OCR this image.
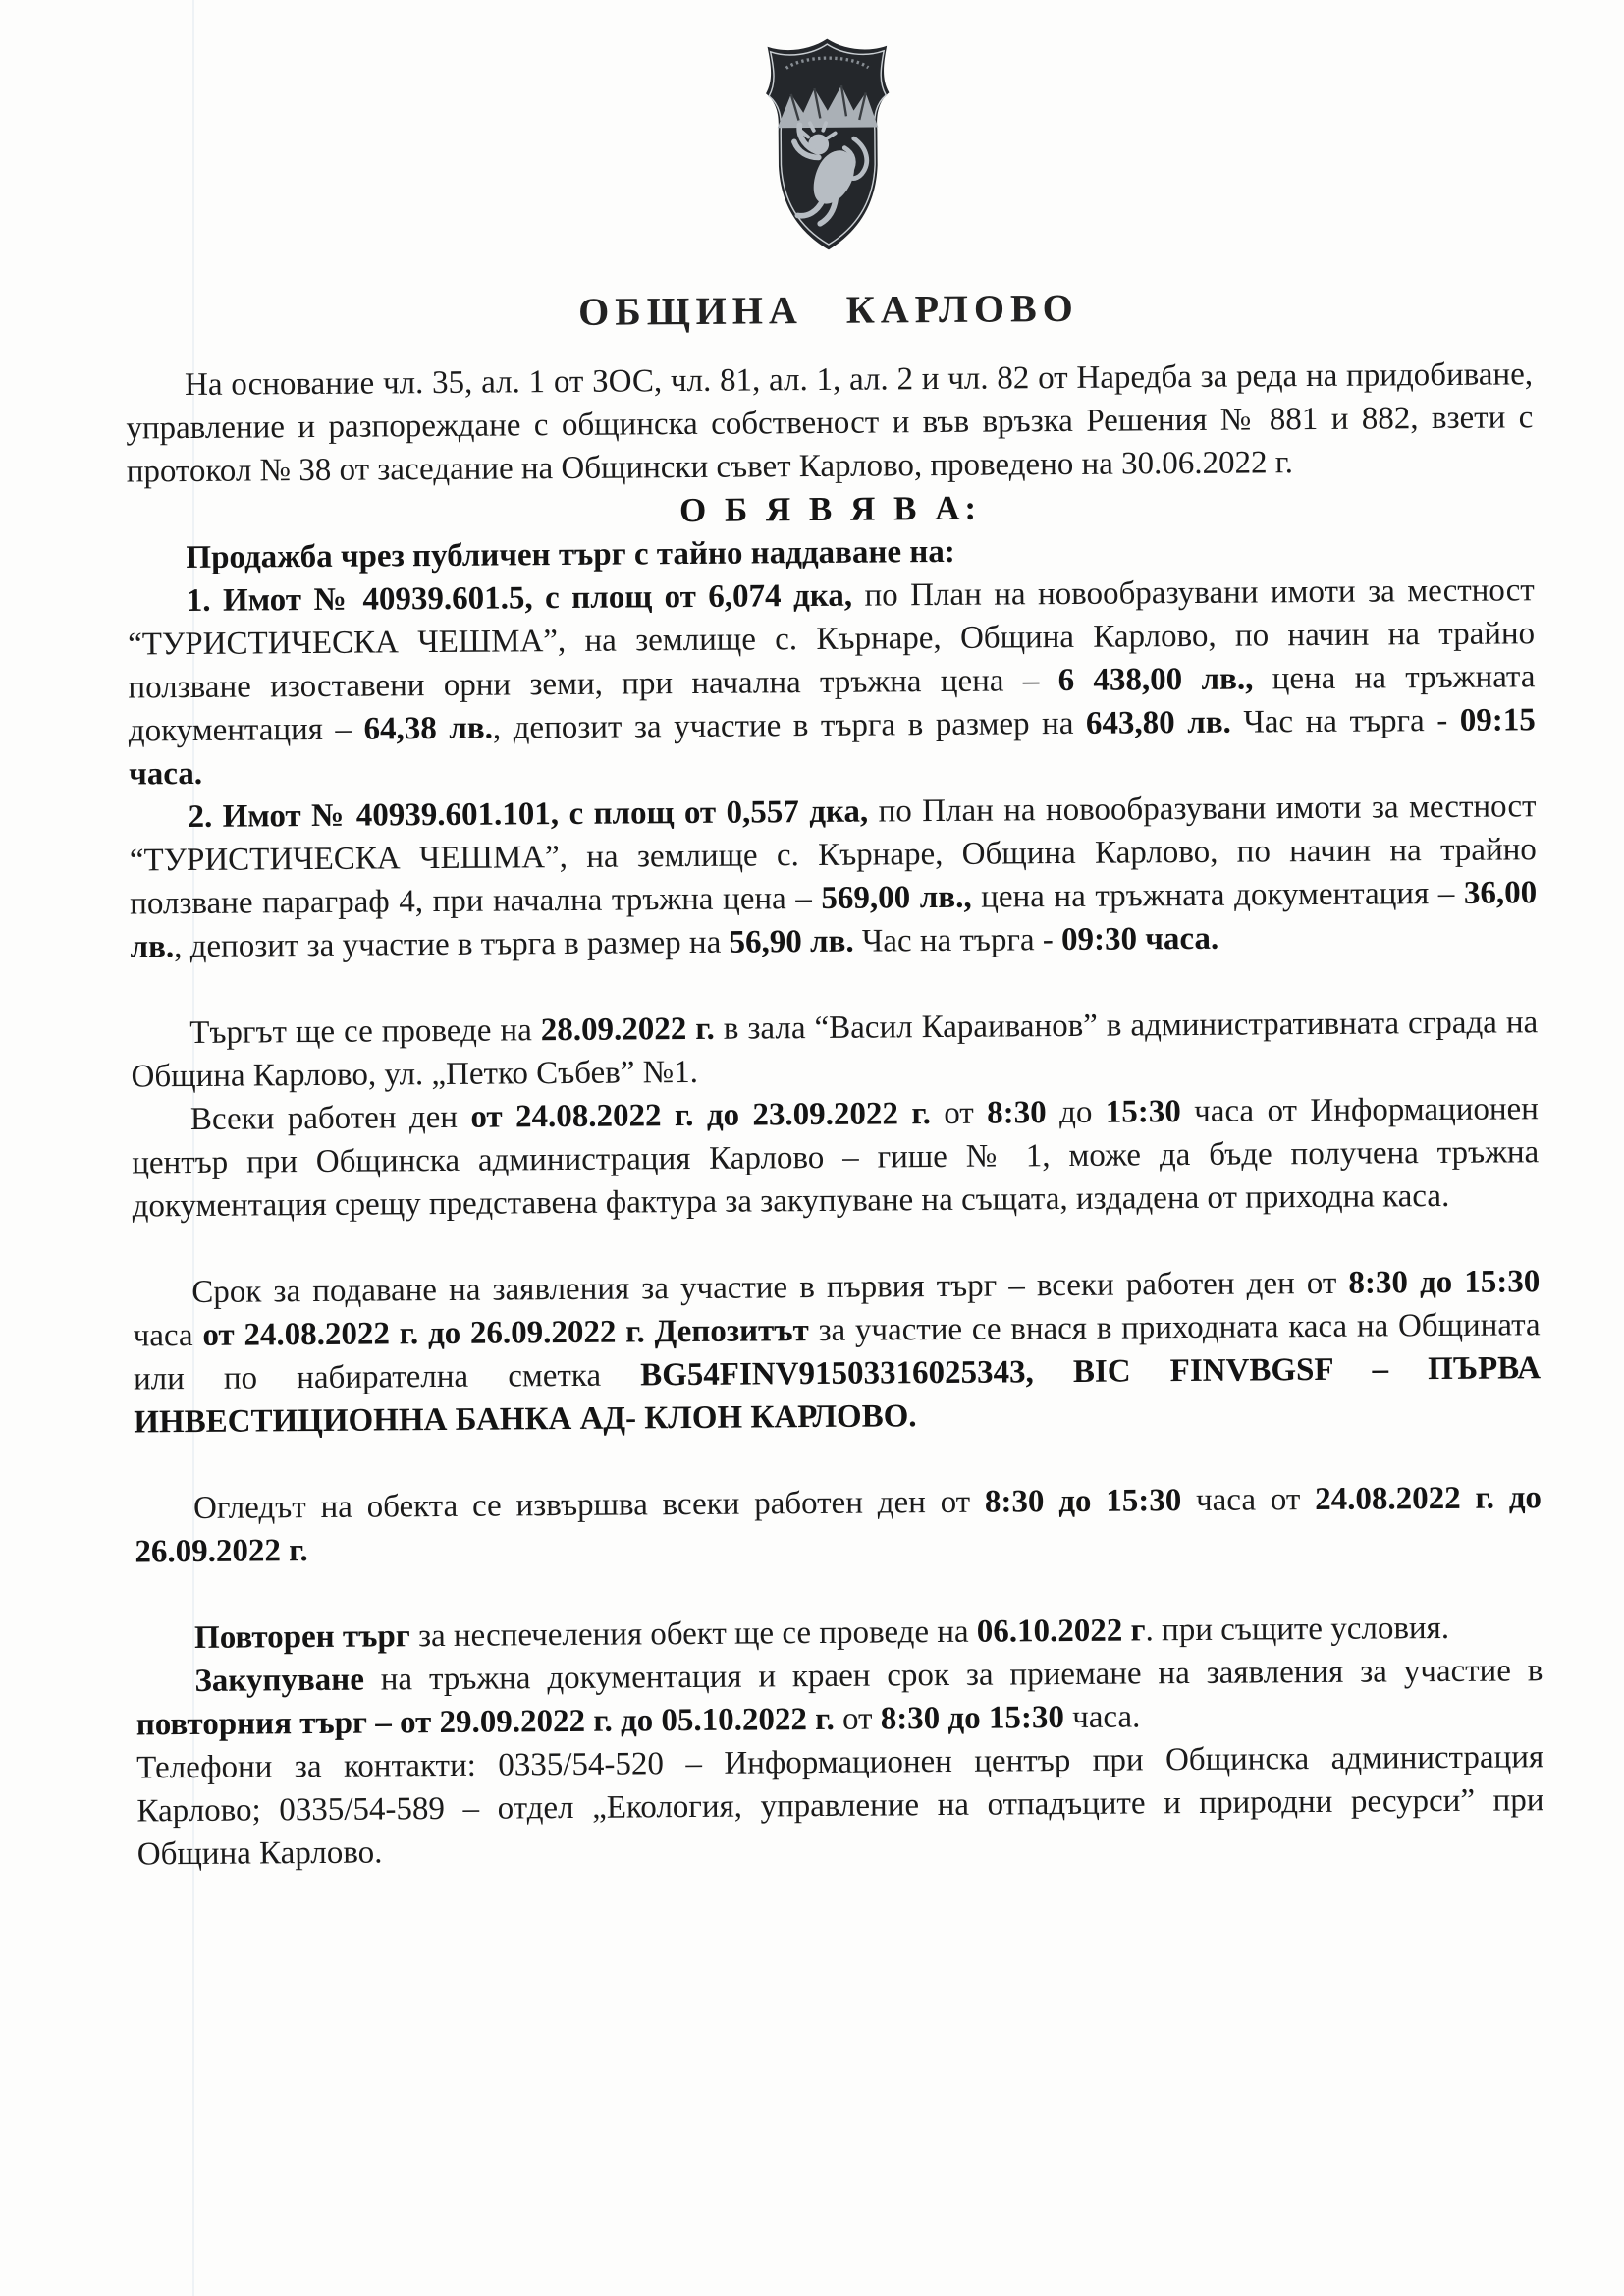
ОБЩИНА КАРЛОВО

На основание чл. 35, ал. 1 от ЗОС, чл. 81, ал. 1, ал. 2 и чл. 82 от Наредба за реда на придобиване, управление и разпореждане с общинска собственост и във връзка Решения № 881 и 882, взети с протокол № 38 от заседание на Общински съвет Карлово, проведено на 30.06.2022 г.

О Б Я В Я В А:

Продажба чрез публичен търг с тайно наддаване на:

1. Имот № 40939.601.5, с площ от 6,074 дка, по План на новообразувани имоти за местност “ТУРИСТИЧЕСКА ЧЕШМА”, на землище с. Кърнаре, Община Карлово, по начин на трайно ползване изоставени орни земи, при начална тръжна цена – 6 438,00 лв., цена на тръжната документация – 64,38 лв., депозит за участие в търга в размер на 643,80 лв. Час на търга - 09:15 часа.

2. Имот № 40939.601.101, с площ от 0,557 дка, по План на новообразувани имоти за местност “ТУРИСТИЧЕСКА ЧЕШМА”, на землище с. Кърнаре, Община Карлово, по начин на трайно ползване параграф 4, при начална тръжна цена – 569,00 лв., цена на тръжната документация – 36,00 лв., депозит за участие в търга в размер на 56,90 лв. Час на търга - 09:30 часа.

Търгът ще се проведе на 28.09.2022 г. в зала “Васил Караиванов” в административната сграда на Община Карлово, ул. „Петко Събев” №1.

Всеки работен ден от 24.08.2022 г. до 23.09.2022 г. от 8:30 до 15:30 часа от Информационен център при Общинска администрация Карлово – гише № 1, може да бъде получена тръжна документация срещу представена фактура за закупуване на същата, издадена от приходна каса.

Срок за подаване на заявления за участие в първия търг – всеки работен ден от 8:30 до 15:30 часа от 24.08.2022 г. до 26.09.2022 г. Депозитът за участие се внася в приходната каса на Общината или по набирателна сметка BG54FINV91503316025343, BIC FINVBGSF – ПЪРВА ИНВЕСТИЦИОННА БАНКА АД- КЛОН КАРЛОВО.

Огледът на обекта се извършва всеки работен ден от 8:30 до 15:30 часа от 24.08.2022 г. до 26.09.2022 г.

Повторен търг за неспечеления обект ще се проведе на 06.10.2022 г. при същите условия.

Закупуване на тръжна документация и краен срок за приемане на заявления за участие в повторния търг – от 29.09.2022 г. до 05.10.2022 г. от 8:30 до 15:30 часа.

Телефони за контакти: 0335/54-520 – Информационен център при Общинска администрация Карлово; 0335/54-589 – отдел „Екология, управление на отпадъците и природни ресурси” при Община Карлово.
